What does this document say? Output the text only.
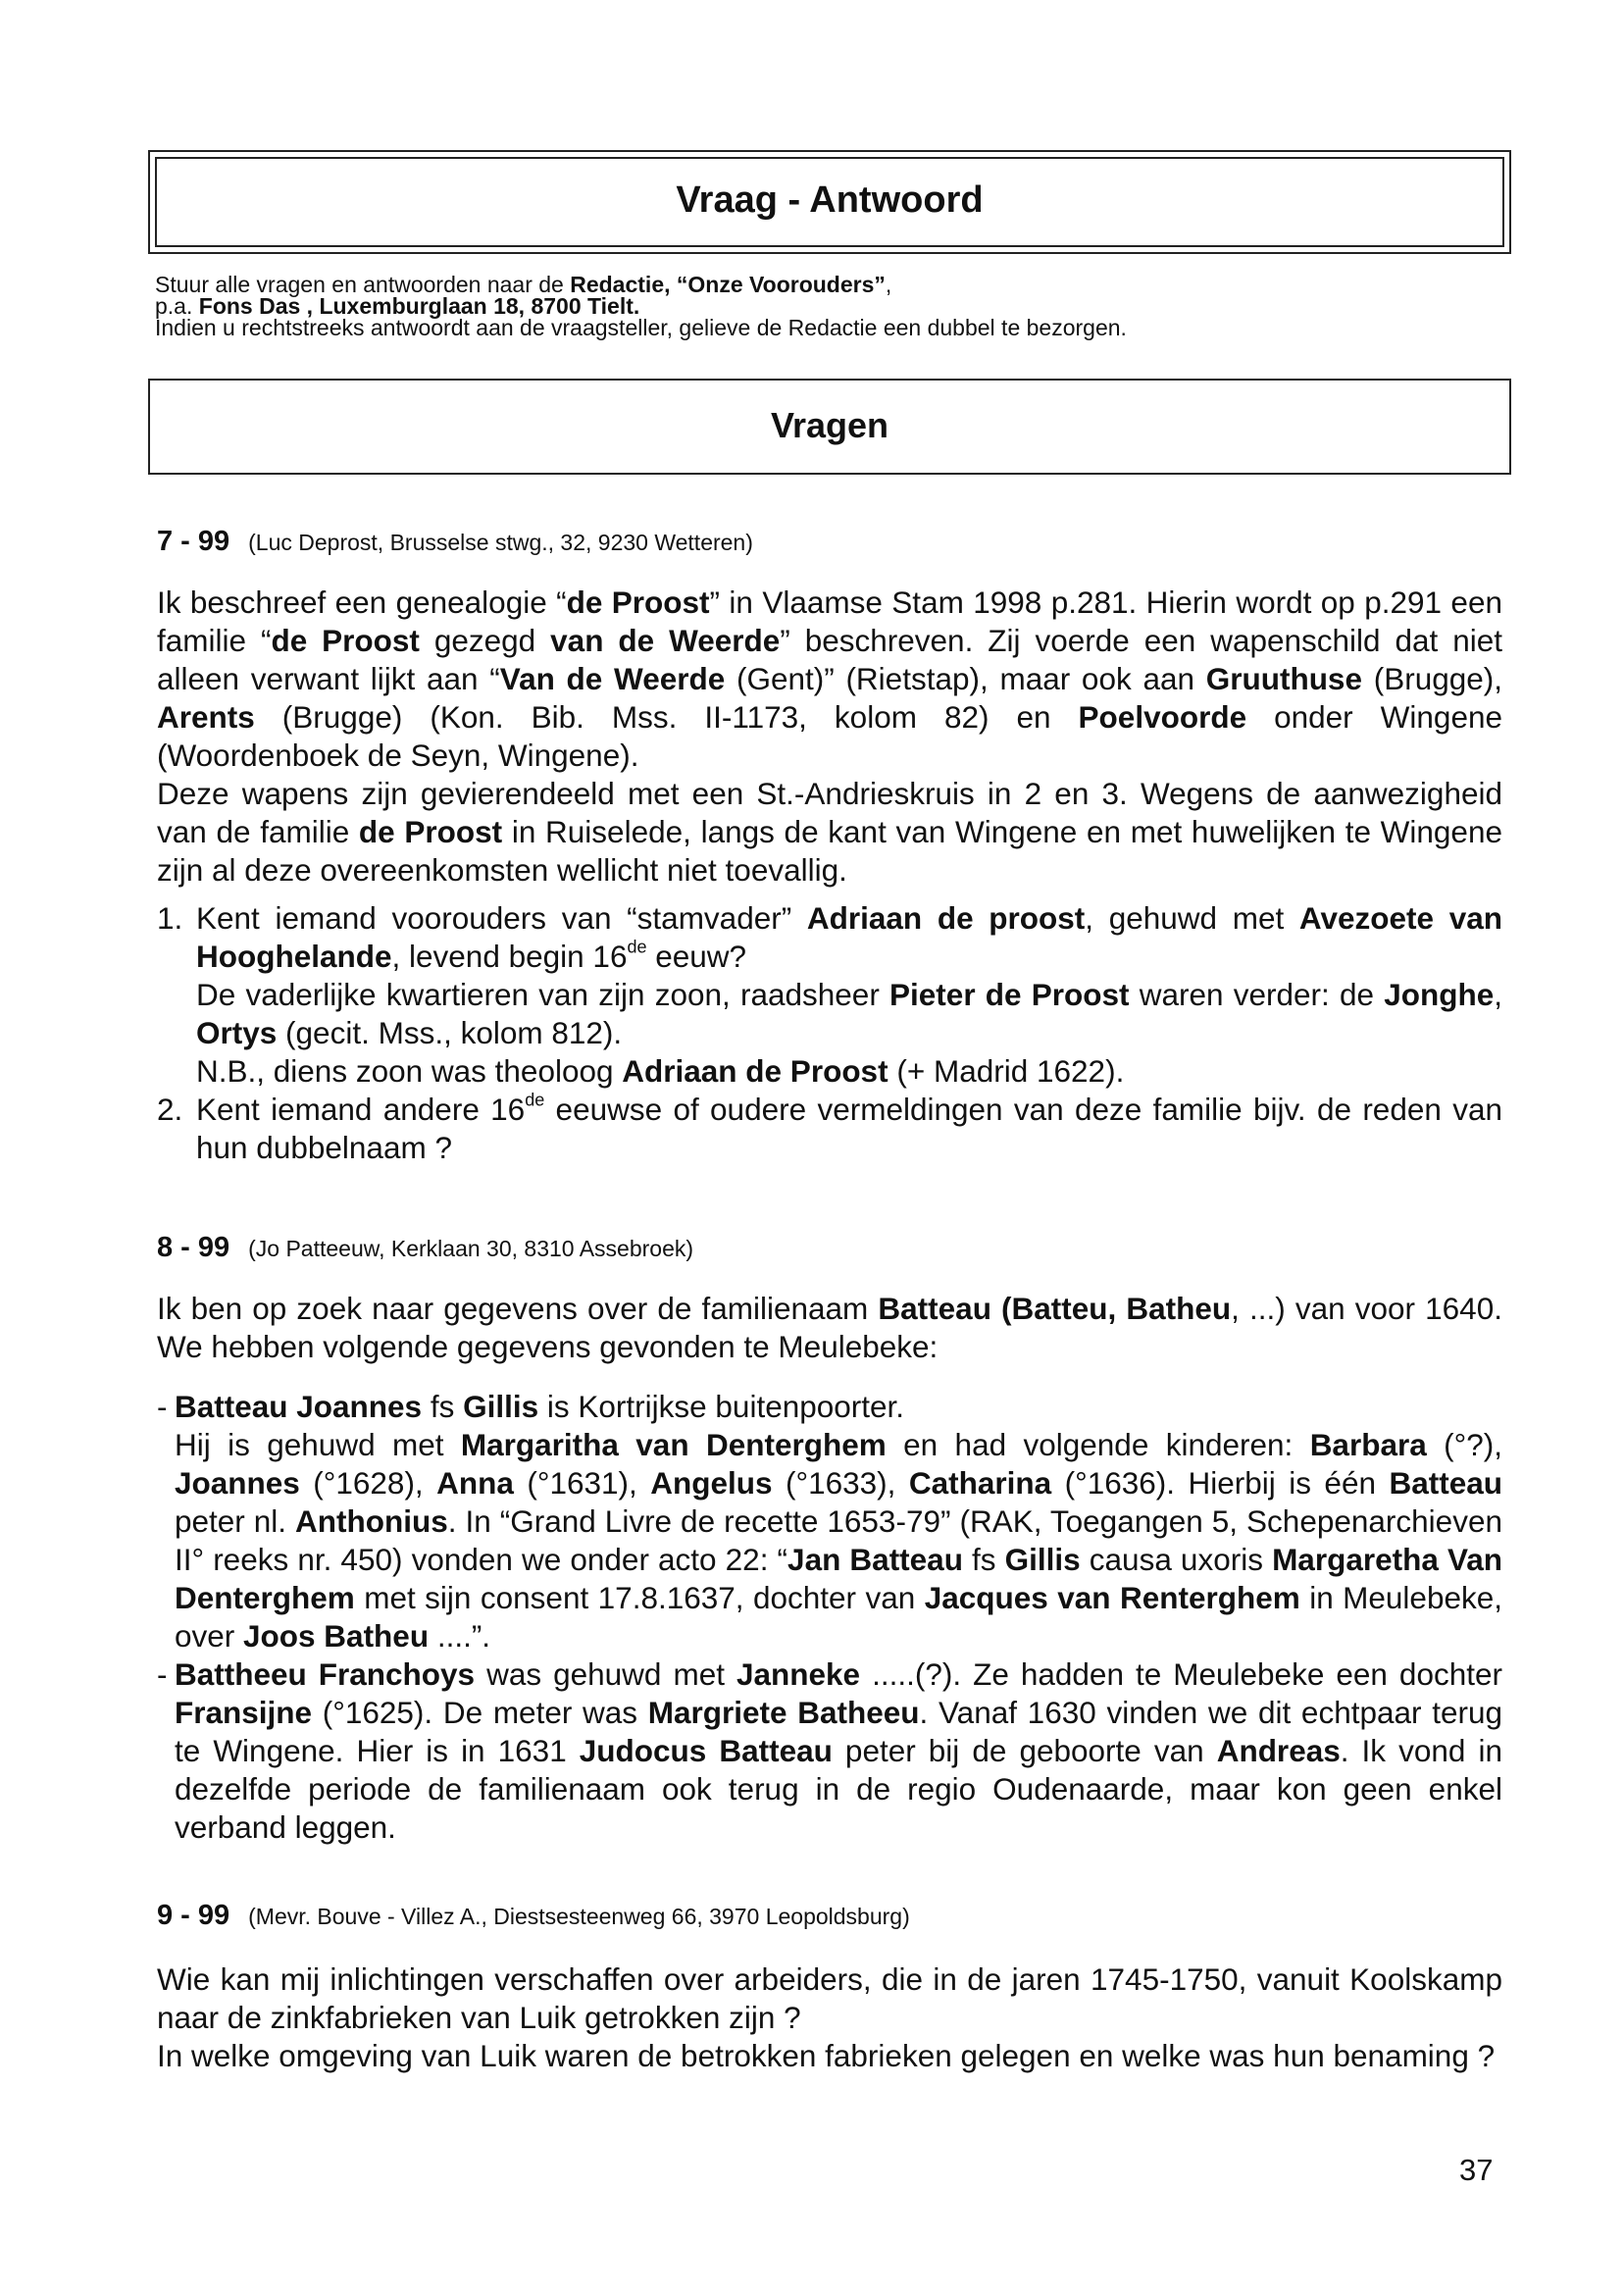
Vraag - Antwoord
Stuur alle vragen en antwoorden naar de Redactie, “Onze Voorouders”,
p.a. Fons Das , Luxemburglaan 18, 8700 Tielt.
Indien u rechtstreeks antwoordt aan de vraagsteller, gelieve de Redactie een dubbel te bezorgen.
Vragen
7 - 99 (Luc Deprost, Brusselse stwg., 32, 9230 Wetteren)

Ik beschreef een genealogie “de Proost” in Vlaamse Stam 1998 p.281. Hierin wordt op p.291 een familie “de Proost gezegd van de Weerde” beschreven. Zij voerde een wapenschild dat niet alleen verwant lijkt aan “Van de Weerde (Gent)” (Rietstap), maar ook aan Gruuthuse (Brugge), Arents (Brugge) (Kon. Bib. Mss. II-1173, kolom 82) en Poelvoorde onder Wingene (Woordenboek de Seyn, Wingene).

Deze wapens zijn gevierendeeld met een St.-Andrieskruis in 2 en 3. Wegens de aanwezigheid van de familie de Proost in Ruiselede, langs de kant van Wingene en met huwelijken te Wingene zijn al deze overeenkomsten wellicht niet toevallig.

1. Kent iemand voorouders van “stamvader” Adriaan de proost, gehuwd met Avezoete van Hooghelande, levend begin 16de eeuw?
De vaderlijke kwartieren van zijn zoon, raadsheer Pieter de Proost waren verder: de Jonghe, Ortys (gecit. Mss., kolom 812).
N.B., diens zoon was theoloog Adriaan de Proost (+ Madrid 1622).
2. Kent iemand andere 16de eeuwse of oudere vermeldingen van deze familie bijv. de reden van hun dubbelnaam ?
8 - 99 (Jo Patteeuw, Kerklaan 30, 8310 Assebroek)

Ik ben op zoek naar gegevens over de familienaam Batteau (Batteu, Batheu, ...) van voor 1640. We hebben volgende gegevens gevonden te Meulebeke:

- Batteau Joannes fs Gillis is Kortrijkse buitenpoorter.
Hij is gehuwd met Margaritha van Denterghem en had volgende kinderen: Barbara (°?), Joannes (°1628), Anna (°1631), Angelus (°1633), Catharina (°1636). Hierbij is één Batteau peter nl. Anthonius. In “Grand Livre de recette 1653-79” (RAK, Toegangen 5, Schepenarchieven II° reeks nr. 450) vonden we onder acto 22: “Jan Batteau fs Gillis causa uxoris Margaretha Van Denterghem met sijn consent 17.8.1637, dochter van Jacques van Renterghem in Meulebeke, over Joos Batheu ....”.
- Battheeu Franchoys was gehuwd met Janneke .....(?). Ze hadden te Meulebeke een dochter Fransijne (°1625). De meter was Margriete Batheeu. Vanaf 1630 vinden we dit echtpaar terug te Wingene. Hier is in 1631 Judocus Batteau peter bij de geboorte van Andreas. Ik vond in dezelfde periode de familienaam ook terug in de regio Oudenaarde, maar kon geen enkel verband leggen.
9 - 99 (Mevr. Bouve - Villez A., Diestsesteenweg 66, 3970 Leopoldsburg)

Wie kan mij inlichtingen verschaffen over arbeiders, die in de jaren 1745-1750, vanuit Koolskamp naar de zinkfabrieken van Luik getrokken zijn ?

In welke omgeving van Luik waren de betrokken fabrieken gelegen en welke was hun benaming ?

37
